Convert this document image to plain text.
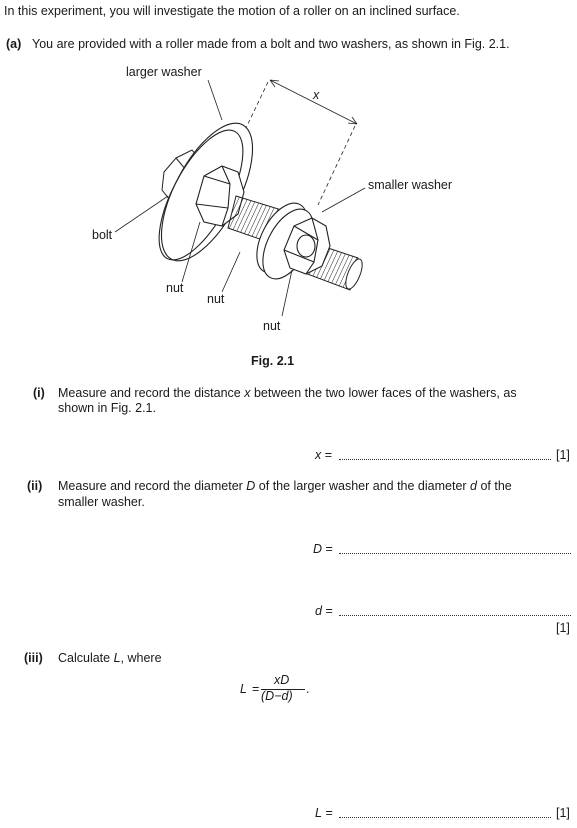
In this experiment, you will investigate the motion of a roller on an inclined surface.
(a) You are provided with a roller made from a bolt and two washers, as shown in Fig. 2.1.
larger washer
x
smaller washer
bolt
nut
nut
nut
Fig. 2.1
(i) Measure and record the distance x between the two lower faces of the washers, as
shown in Fig. 2.1.
x =	[1]
(ii) Measure and record the diameter D of the larger washer and the diameter d of the
smaller washer.
D =
d =
[1]
(iii) Calculate L, where
L =
xD
(D−d) .
L =	[1]
